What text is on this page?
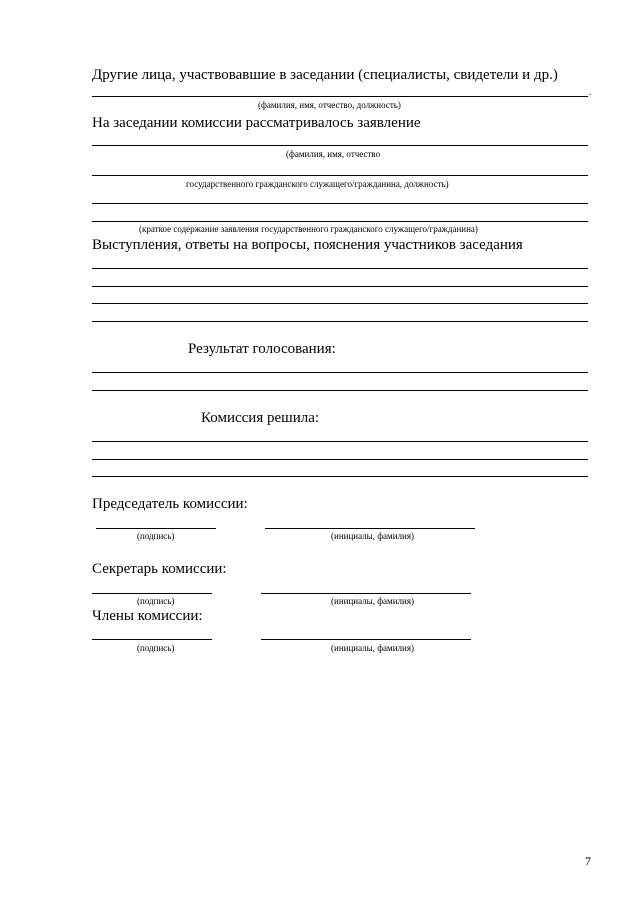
Другие лица, участвовавшие в заседании (специалисты, свидетели и др.)
.
(фамилия, имя, отчество, должность)
На заседании комиссии рассматривалось заявление
(фамилия, имя, отчество
государственного гражданского служащего/гражданина, должность)
(краткое содержание заявления государственного гражданского служащего/гражданина)
Выступления, ответы на вопросы, пояснения участников заседания
Результат голосования:
Комиссия решила:
Председатель комиссии:
(подпись)	(инициалы, фамилия)
Секретарь комиссии:
(подпись)	(инициалы, фамилия)
Члены комиссии:
(подпись)	(инициалы, фамилия)
7
